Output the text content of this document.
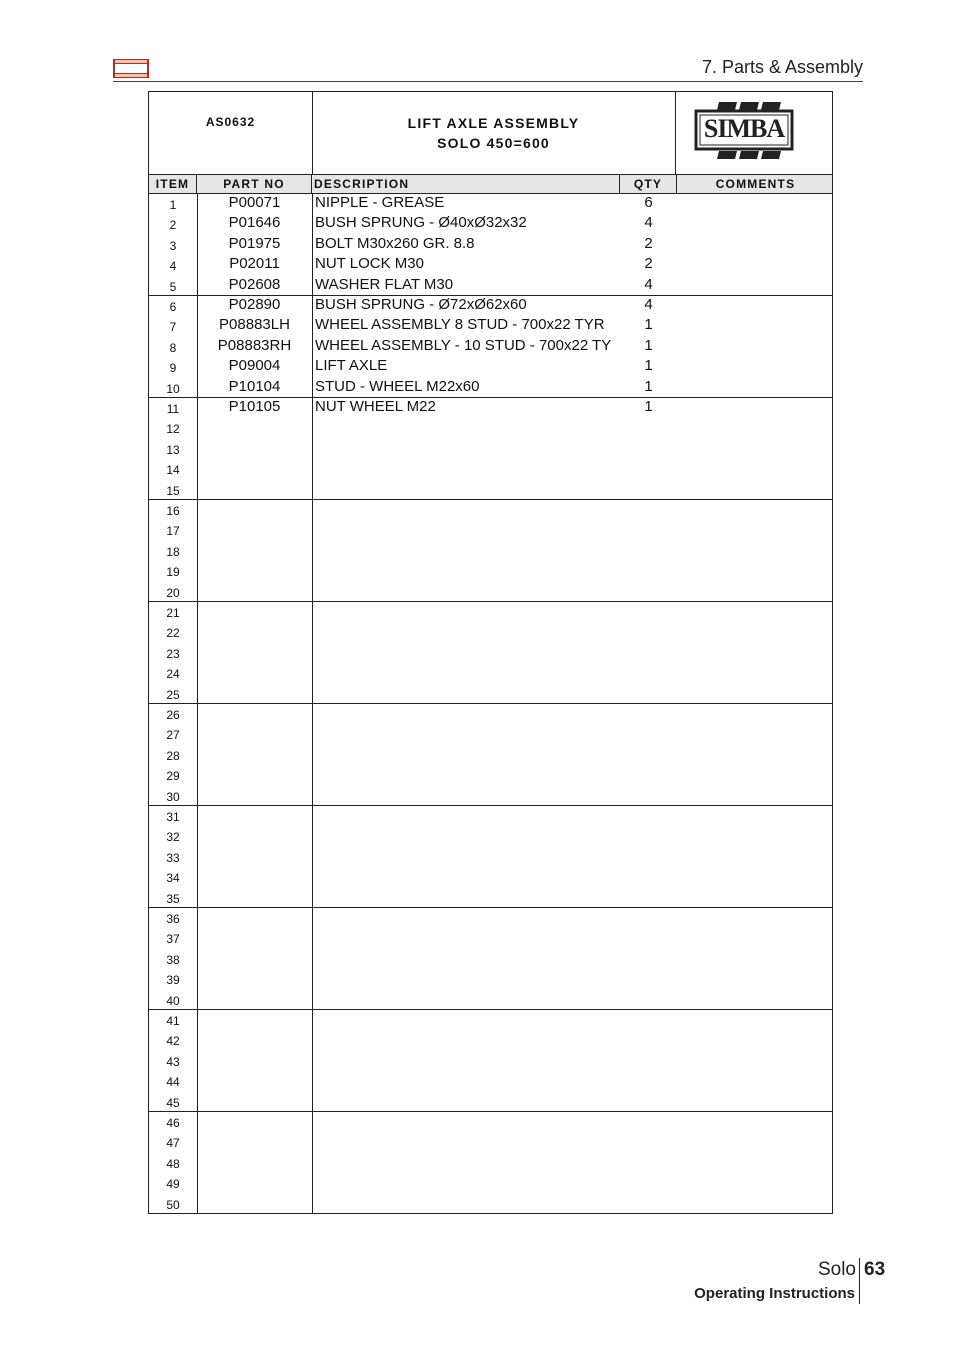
7. Parts & Assembly
AS0632	LIFT AXLE ASSEMBLY
SOLO 450=600	SIMBA
ITEM	PART NO	DESCRIPTION	QTY	COMMENTS
1	P00071	NIPPLE - GREASE	6
2	P01646	BUSH SPRUNG - Ø40xØ32x32	4
3	P01975	BOLT M30x260 GR. 8.8	2
4	P02011	NUT LOCK M30	2
5	P02608	WASHER FLAT M30	4
6	P02890	BUSH SPRUNG - Ø72xØ62x60	4
7	P08883LH	WHEEL ASSEMBLY 8 STUD - 700x22 TYR	1
8	P08883RH	WHEEL ASSEMBLY - 10 STUD - 700x22 TY	1
9	P09004	LIFT AXLE	1
10	P10104	STUD - WHEEL M22x60	1
11	P10105	NUT WHEEL M22	1
12
13
14
15
16
17
18
19
20
21
22
23
24
25
26
27
28
29
30
31
32
33
34
35
36
37
38
39
40
41
42
43
44
45
46
47
48
49
50
Solo 63
Operating Instructions
